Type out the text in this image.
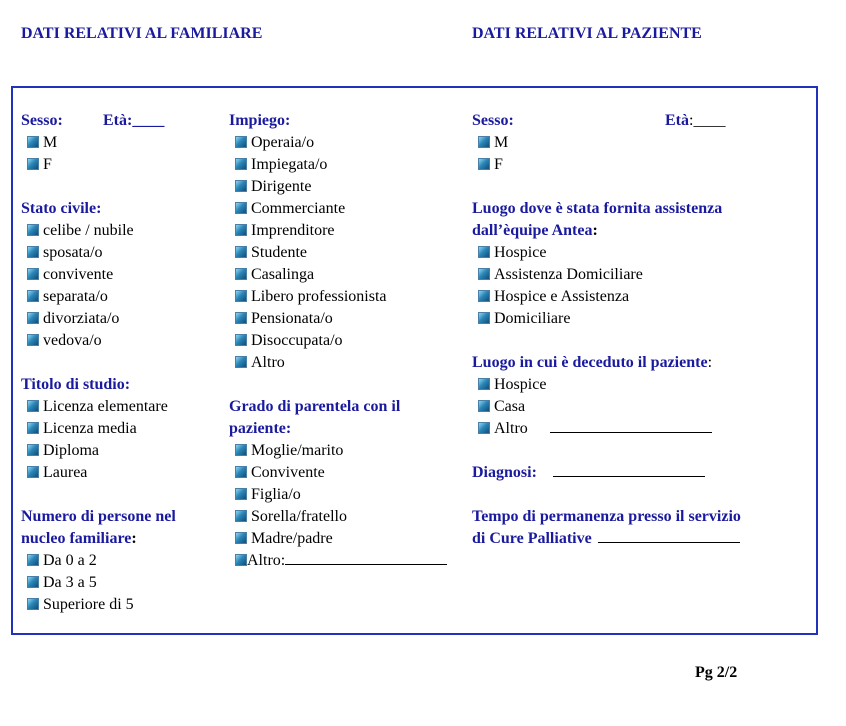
DATI RELATIVI AL FAMILIARE	DATI RELATIVI AL PAZIENTE
Sesso:	Età:____
M
F
Stato civile:
celibe / nubile
sposata/o
convivente
separata/o
divorziata/o
vedova/o
Titolo di studio:
Licenza elementare
Licenza media
Diploma
Laurea
Numero di persone nel
nucleo familiare:
Da 0 a 2
Da 3 a 5
Superiore di 5
Impiego:
Operaia/o
Impiegata/o
Dirigente
Commerciante
Imprenditore
Studente
Casalinga
Libero professionista
Pensionata/o
Disoccupata/o
Altro
Grado di parentela con il
paziente:
Moglie/marito
Convivente
Figlia/o
Sorella/fratello
Madre/padre
Altro:
Sesso:	Età:____
M
F
Luogo dove è stata fornita assistenza
dall’èquipe Antea:
Hospice
Assistenza Domiciliare
Hospice e Assistenza
Domiciliare
Luogo in cui è deceduto il paziente:
Hospice
Casa
Altro
Diagnosi:
Tempo di permanenza presso il servizio
di Cure Palliative
Pg 2/2
